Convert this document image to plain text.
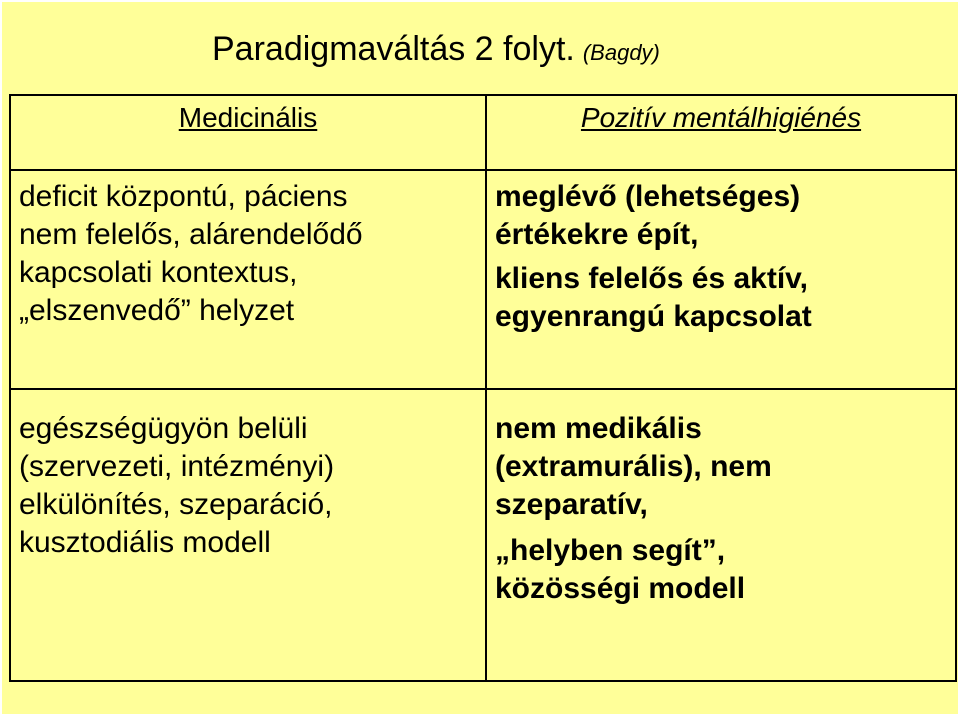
Paradigmaváltás 2 folyt. (Bagdy)
Medicinális	Pozitív mentálhigiénés
deficit központú, páciens
nem felelős, alárendelődő
kapcsolati kontextus,
„elszenvedő” helyzet
meglévő (lehetséges)
értékekre épít,
kliens felelős és aktív,
egyenrangú kapcsolat
egészségügyön belüli
(szervezeti, intézményi)
elkülönítés, szeparáció,
kusztodiális modell
nem medikális
(extramurális), nem
szeparatív,
„helyben segít”,
közösségi modell
